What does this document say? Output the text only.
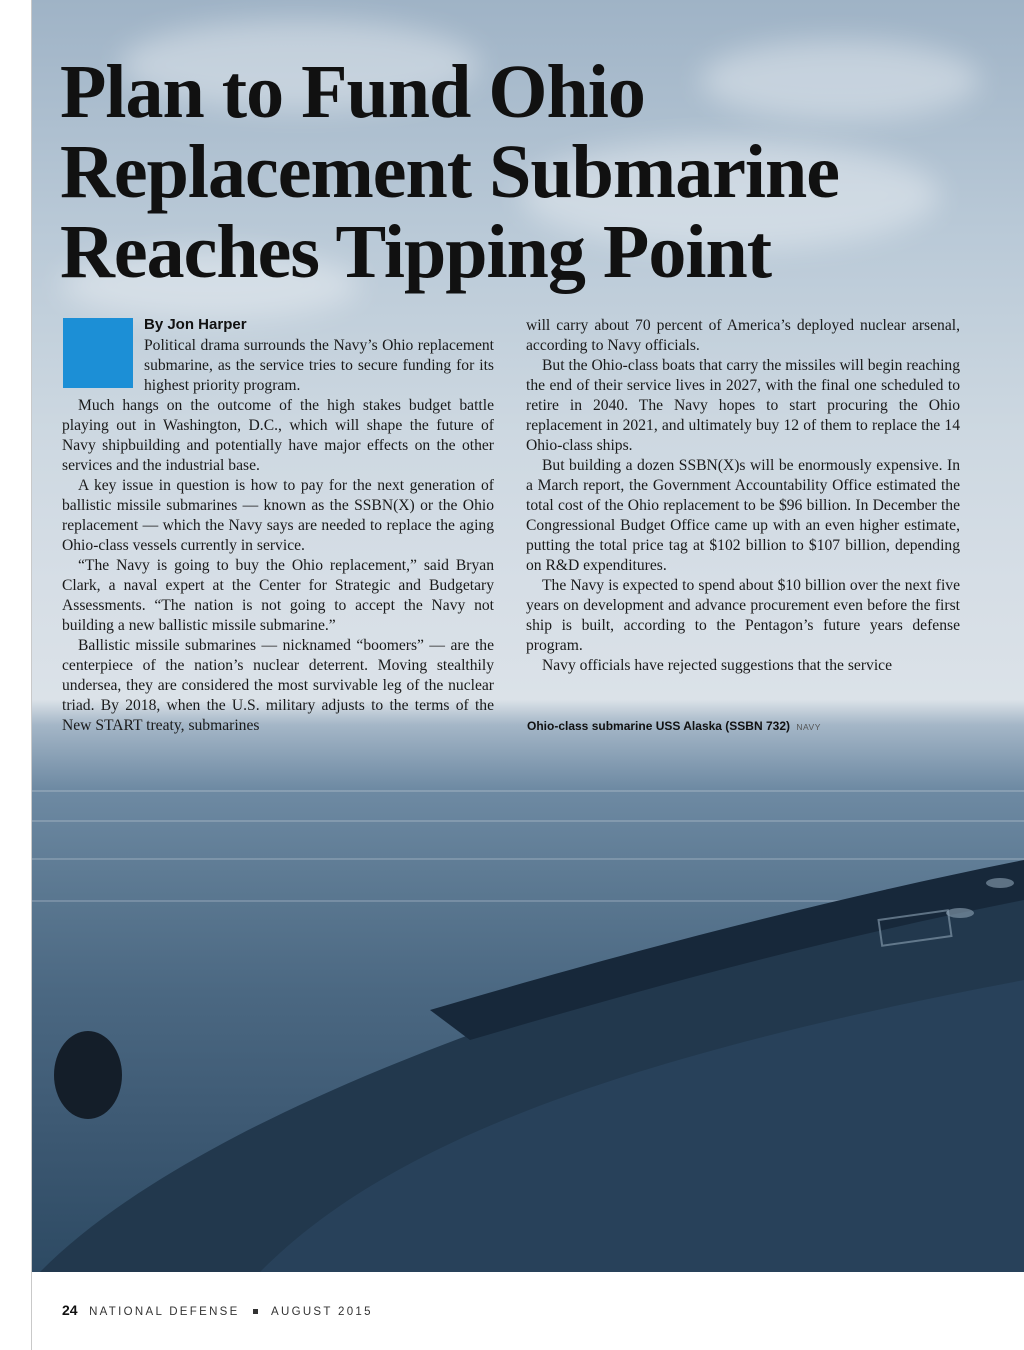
Plan to Fund Ohio
Replacement Submarine
Reaches Tipping Point

By Jon Harper

Political drama surrounds the Navy’s Ohio replacement submarine, as the service tries to secure funding for its highest priority program.

Much hangs on the outcome of the high stakes budget battle playing out in Washington, D.C., which will shape the future of Navy shipbuilding and potentially have major effects on the other services and the industrial base.

A key issue in question is how to pay for the next generation of ballistic missile submarines — known as the SSBN(X) or the Ohio replacement — which the Navy says are needed to replace the aging Ohio-class vessels currently in service.

“The Navy is going to buy the Ohio replacement,” said Bryan Clark, a naval expert at the Center for Strategic and Budgetary Assessments. “The nation is not going to accept the Navy not building a new ballistic missile submarine.”

Ballistic missile submarines — nicknamed “boomers” — are the centerpiece of the nation’s nuclear deterrent. Moving stealthily undersea, they are considered the most survivable leg of the nuclear triad. By 2018, when the U.S. military adjusts to the terms of the New START treaty, submarines

will carry about 70 percent of America’s deployed nuclear arsenal, according to Navy officials.

But the Ohio-class boats that carry the missiles will begin reaching the end of their service lives in 2027, with the final one scheduled to retire in 2040. The Navy hopes to start procuring the Ohio replacement in 2021, and ultimately buy 12 of them to replace the 14 Ohio-class ships.

But building a dozen SSBN(X)s will be enormously expensive. In a March report, the Government Accountability Office estimated the total cost of the Ohio replacement to be $96 billion. In December the Congressional Budget Office came up with an even higher estimate, putting the total price tag at $102 billion to $107 billion, depending on R&D expenditures.

The Navy is expected to spend about $10 billion over the next five years on development and advance procurement even before the first ship is built, according to the Pentagon’s future years defense program.

Navy officials have rejected suggestions that the service

Ohio-class submarine USS Alaska (SSBN 732) NAVY

24 NATIONAL DEFENSE	AUGUST 2015
